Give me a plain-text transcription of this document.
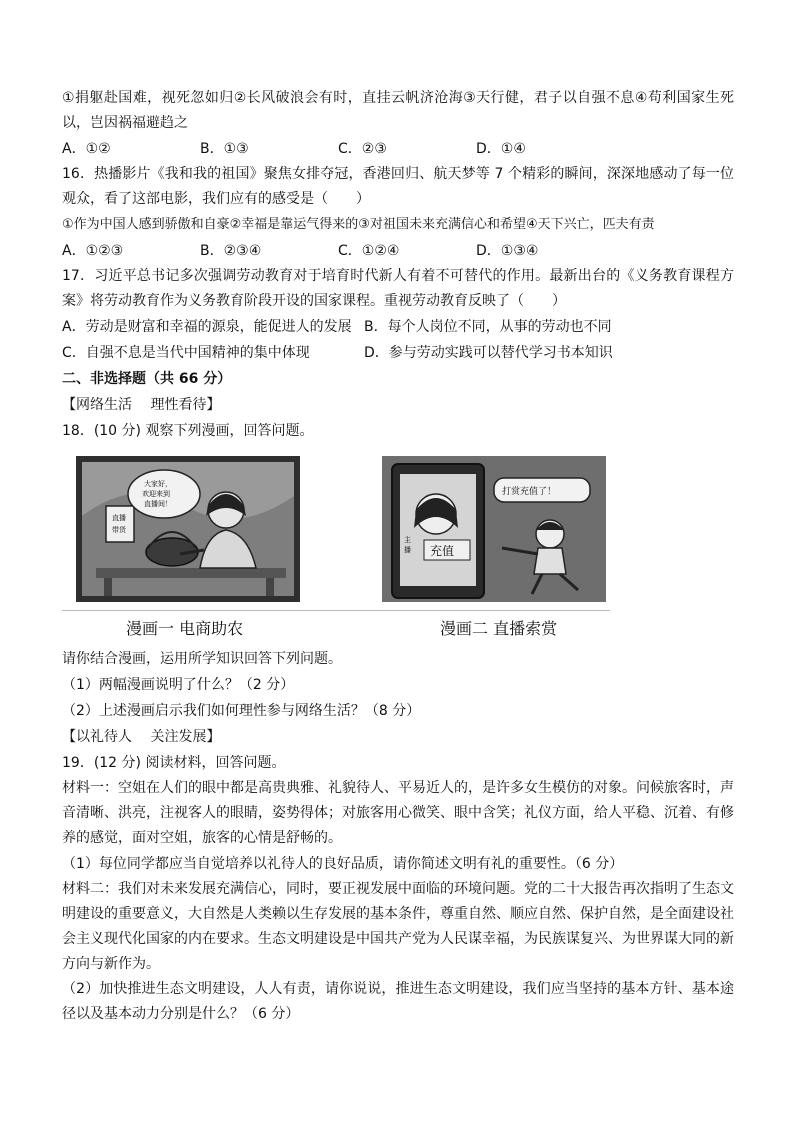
①捐躯赴国难，视死忽如归②长风破浪会有时，直挂云帆济沧海③天行健，君子以自强不息④苟利国家生死以，岂因祸福避趋之
A．①②	B．①③	C．②③	D．①④
16．热播影片《我和我的祖国》聚焦女排夺冠，香港回归、航天梦等 7 个精彩的瞬间，深深地感动了每一位观众，看了这部电影，我们应有的感受是（　　）
①作为中国人感到骄傲和自豪②幸福是靠运气得来的③对祖国未来充满信心和希望④天下兴亡，匹夫有责
A．①②③	B．②③④	C．①②④	D．①③④
17．习近平总书记多次强调劳动教育对于培育时代新人有着不可替代的作用。最新出台的《义务教育课程方案》将劳动教育作为义务教育阶段开设的国家课程。重视劳动教育反映了（　　）
A．劳动是财富和幸福的源泉，能促进人的发展 B．每个人岗位不同，从事的劳动也不同
C．自强不息是当代中国精神的集中体现	D．参与劳动实践可以替代学习书本知识
二、非选择题（共 66 分）
【网络生活　 理性看待】
18．(10 分) 观察下列漫画，回答问题。
直播
带货
大家好，
欢迎来到
直播间！
主
播 充值
打赏充值了！
漫画一 电商助农	漫画二 直播索赏
请你结合漫画，运用所学知识回答下列问题。
（1）两幅漫画说明了什么？（2 分）
（2）上述漫画启示我们如何理性参与网络生活？（8 分）
【以礼待人　 关注发展】
19．(12 分) 阅读材料，回答问题。
材料一：空姐在人们的眼中都是高贵典雅、礼貌待人、平易近人的，是许多女生模仿的对象。问候旅客时，声音清晰、洪亮，注视客人的眼睛，姿势得体；对旅客用心微笑、眼中含笑；礼仪方面，给人平稳、沉着、有修养的感觉，面对空姐，旅客的心情是舒畅的。
（1）每位同学都应当自觉培养以礼待人的良好品质，请你简述文明有礼的重要性。（6 分）
材料二：我们对未来发展充满信心，同时，要正视发展中面临的环境问题。党的二十大报告再次指明了生态文明建设的重要意义，大自然是人类赖以生存发展的基本条件，尊重自然、顺应自然、保护自然，是全面建设社会主义现代化国家的内在要求。生态文明建设是中国共产党为人民谋幸福，为民族谋复兴、为世界谋大同的新方向与新作为。
（2）加快推进生态文明建设，人人有责，请你说说，推进生态文明建设，我们应当坚持的基本方针、基本途径以及基本动力分别是什么？（6 分）
